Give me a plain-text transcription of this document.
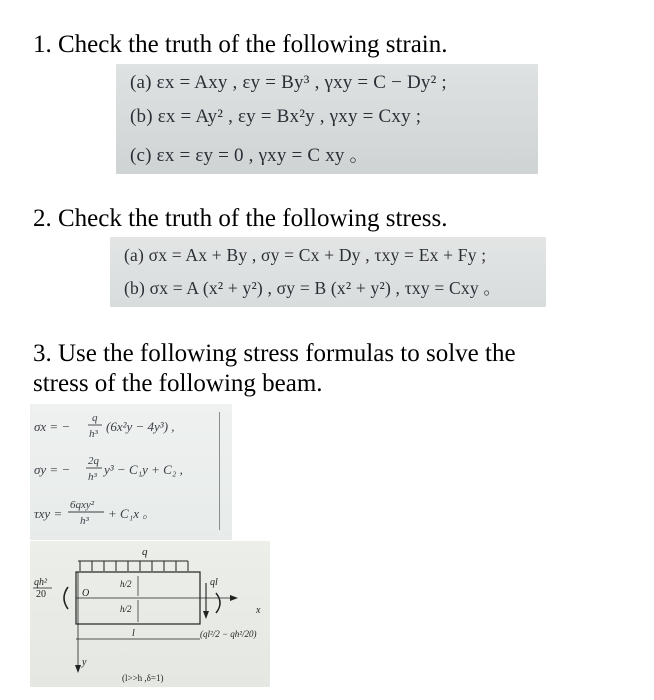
1. Check the truth of the following strain.
(a) εx = Axy , εy = By³ , γxy = C − Dy² ;
(b) εx = Ay² , εy = Bx²y , γxy = Cxy ;
(c) εx = εy = 0 , γxy = C xy 。
2. Check the truth of the following stress.
(a) σx = Ax + By , σy = Cx + Dy , τxy = Ex + Fy ;
(b) σx = A (x² + y²) , σy = B (x² + y²) , τxy = Cxy 。
3. Use the following stress formulas to solve the
stress of the following beam.
σx = −
q
h³ (6x²y − 4y³) ,
σy = −
2q
h³ y³ − C₁y + C₂ ,
τxy =
6qxy²
h³ + C₁x 。
q
qh²
20	O
h/2
h/2
l
ql
x
(ql²/2 − qh²/20)
y
(l>>h ,δ=1)
